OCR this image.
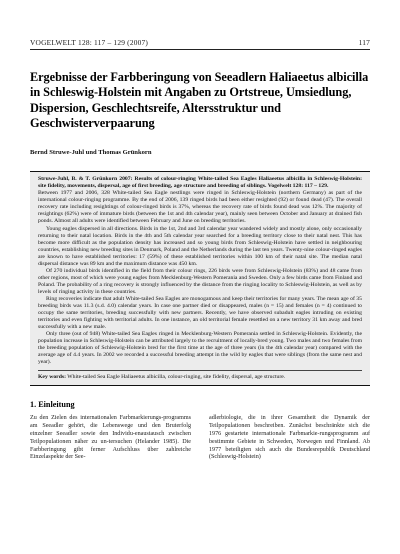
VOGELWELT 128: 117 – 129 (2007)	117
Ergebnisse der Farbberingung von Seeadlern Haliaeetus albicilla in Schleswig-Holstein mit Angaben zu Ortstreue, Umsiedlung, Dispersion, Geschlechtsreife, Altersstruktur und Geschwisterverpaarung
Bernd Struwe-Juhl und Thomas Grünkorn

Struwe-Juhl, B. & T. Grünkorn 2007: Results of colour-ringing White-tailed Sea Eagles Haliaeetus albicilla in Schleswig-Holstein: site fidelity, movements, dispersal, age of first breeding, age structure and breeding of siblings. Vogelwelt 128: 117 – 129.

Between 1977 and 2006, 328 White-tailed Sea Eagle nestlings were ringed in Schleswig-Holstein (northern Germany) as part of the international colour-ringing programme. By the end of 2006, 139 ringed birds had been either resighted (92) or found dead (47). The overall recovery rate including resightings of colour-ringed birds is 37%, whereas the recovery rate of birds found dead was 12%. The majority of resightings (62%) were of immature birds (between the 1st and 4th calendar year), mainly seen between October and January at drained fish ponds. Almost all adults were identified between February and June on breeding territories.

Young eagles dispersed in all directions. Birds in the 1st, 2nd and 3rd calendar year wandered widely and mostly alone, only occasionally returning to their natal location. Birds in the 4th and 5th calendar year searched for a breeding territory close to their natal nest. This has become more difficult as the population density has increased and so young birds from Schleswig-Holstein have settled in neighbouring countries, establishing new breeding sites in Denmark, Poland and the Netherlands during the last ten years. Twenty-nine colour-ringed eagles are known to have established territories: 17 (59%) of these established territories within 100 km of their natal site. The median natal dispersal distance was 89 km and the maximum distance was 450 km.

Of 270 individual birds identified in the field from their colour rings, 226 birds were from Schleswig-Holstein (83%) and 48 came from other regions, most of which were young eagles from Mecklenburg-Western Pomerania and Sweden. Only a few birds came from Finland and Poland. The probability of a ring recovery is strongly influenced by the distance from the ringing locality to Schleswig-Holstein, as well as by levels of ringing activity in these countries.

Ring recoveries indicate that adult White-tailed Sea Eagles are monogamous and keep their territories for many years. The mean age of 35 breeding birds was 11.3 (s.d. 4.0) calendar years. In case one partner died or disappeared, males (n = 15) and females (n = 4) continued to occupy the same territories, breeding successfully with new partners. Recently, we have observed subadult eagles intruding on existing territories and even fighting with territorial adults. In one instance, an old territorial female resettled on a new territory 31 km away and bred successfully with a new male.

Only three (out of 948) White-tailed Sea Eagles ringed in Mecklenburg-Western Pomerania settled in Schleswig-Holstein. Evidently, the population increase in Schleswig-Holstein can be attributed largely to the recruitment of locally-bred young. Two males and two females from the breeding population of Schleswig-Holstein bred for the first time at the age of three years (in the 4th calendar year) compared with the average age of 4.4 years. In 2002 we recorded a successful breeding attempt in the wild by eagles that were siblings (from the same nest and year).

Key words: White-tailed Sea Eagle Haliaeetus albicilla, colour-ringing, site fidelity, dispersal, age structure.
1. Einleitung

Zu den Zielen des internationalen Farbmarkierungs-programms am Seeadler gehört, die Lebenswege und den Bruterfolg einzelner Seeadler sowie den Individu-enaustausch zwischen Teilpopulationen näher zu un-tersuchen (Helander 1985). Die Farbberingung gibt ferner Aufschluss über zahlreiche Einzelaspekte der See-

adlerbiologie, die in ihrer Gesamtheit die Dynamik der Teilpopulationen beschreiben. Zunächst beschränkte sich die 1976 gestartete internationale Farbmarkie-rungsprogramm auf bestimmte Gebiete in Schweden, Norwegen und Finnland. Ab 1977 beteiligten sich auch die Bundesrepublik Deutschland (Schleswig-Holstein)
